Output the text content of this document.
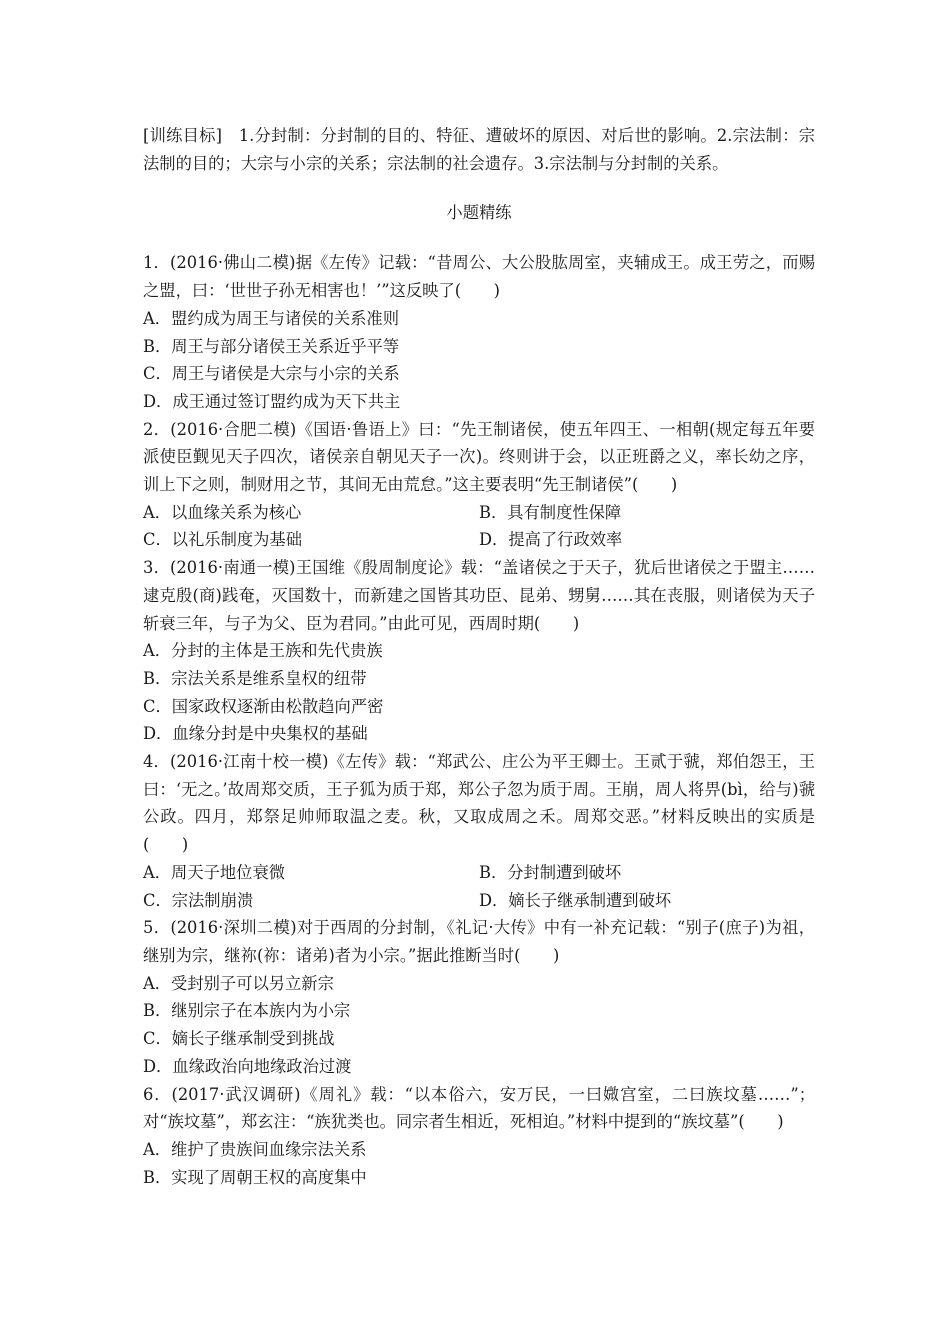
[训练目标]　1.分封制：分封制的目的、特征、遭破坏的原因、对后世的影响。2.宗法制：宗法制的目的；大宗与小宗的关系；宗法制的社会遗存。3.宗法制与分封制的关系。

小题精练

1．(2016·佛山二模)据《左传》记载：“昔周公、大公股肱周室，夹辅成王。成王劳之，而赐之盟，曰：‘世世子孙无相害也！’”这反映了(　　)

A．盟约成为周王与诸侯的关系准则

B．周王与部分诸侯王关系近乎平等

C．周王与诸侯是大宗与小宗的关系

D．成王通过签订盟约成为天下共主

2．(2016·合肥二模)《国语·鲁语上》曰：“先王制诸侯，使五年四王、一相朝(规定每五年要派使臣觐见天子四次，诸侯亲自朝见天子一次)。终则讲于会，以正班爵之义，率长幼之序，训上下之则，制财用之节，其间无由荒怠。”这主要表明“先王制诸侯”(　　)

A．以血缘关系为核心	B．具有制度性保障

C．以礼乐制度为基础	D．提高了行政效率

3．(2016·南通一模)王国维《殷周制度论》载：“盖诸侯之于天子，犹后世诸侯之于盟主……逮克殷(商)践奄，灭国数十，而新建之国皆其功臣、昆弟、甥舅……其在丧服，则诸侯为天子斩衰三年，与子为父、臣为君同。”由此可见，西周时期(　　)

A．分封的主体是王族和先代贵族

B．宗法关系是维系皇权的纽带

C．国家政权逐渐由松散趋向严密

D．血缘分封是中央集权的基础

4．(2016·江南十校一模)《左传》载：“郑武公、庄公为平王卿士。王贰于虢，郑伯怨王，王曰：‘无之。’故周郑交质，王子狐为质于郑，郑公子忽为质于周。王崩，周人将畀(bì，给与)虢公政。四月，郑祭足帅师取温之麦。秋，又取成周之禾。周郑交恶。”材料反映出的实质是(　　)

A．周天子地位衰微	B．分封制遭到破坏

C．宗法制崩溃	D．嫡长子继承制遭到破坏

5．(2016·深圳二模)对于西周的分封制，《礼记·大传》中有一补充记载：“别子(庶子)为祖，继别为宗，继祢(祢：诸弟)者为小宗。”据此推断当时(　　)

A．受封别子可以另立新宗

B．继别宗子在本族内为小宗

C．嫡长子继承制受到挑战

D．血缘政治向地缘政治过渡

6．(2017·武汉调研)《周礼》载：“以本俗六，安万民，一曰媺宫室，二曰族坟墓……”；对“族坟墓”，郑玄注：“族犹类也。同宗者生相近，死相迫。”材料中提到的“族坟墓”(　　)

A．维护了贵族间血缘宗法关系

B．实现了周朝王权的高度集中
